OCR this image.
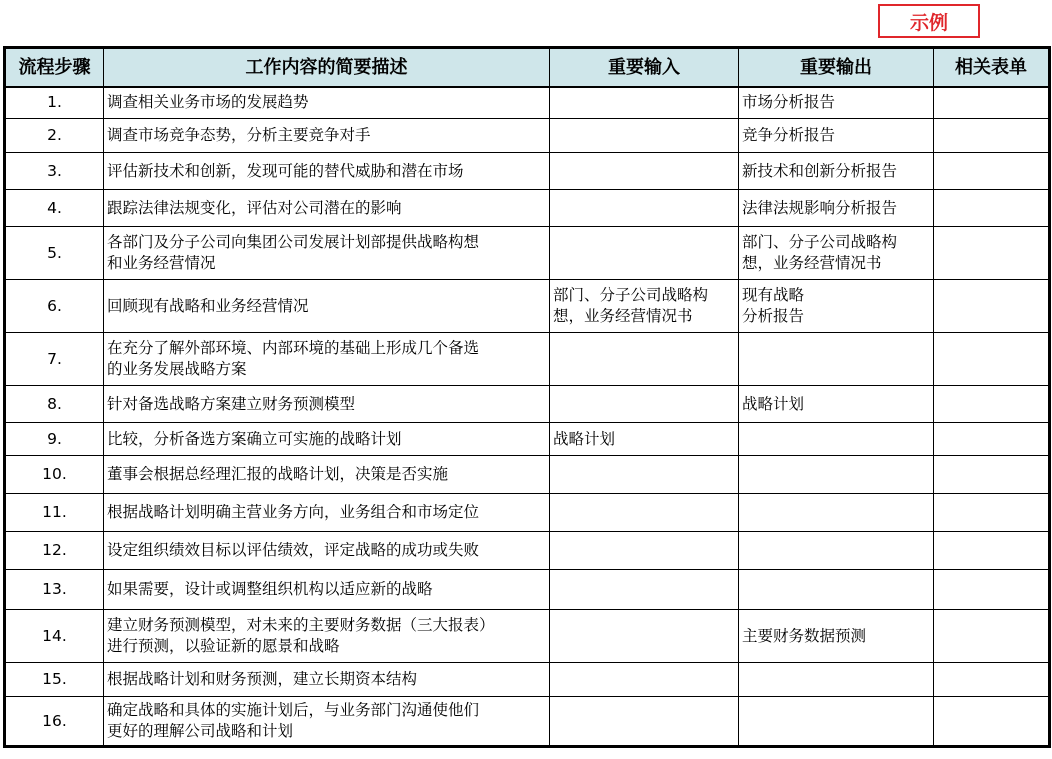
示例
流程步骤	工作内容的简要描述	重要输入	重要输出	相关表单
1.	调查相关业务市场的发展趋势		市场分析报告	
2.	调查市场竞争态势，分析主要竞争对手		竞争分析报告	
3.	评估新技术和创新，发现可能的替代威胁和潜在市场		新技术和创新分析报告	
4.	跟踪法律法规变化，评估对公司潜在的影响		法律法规影响分析报告	
5.	各部门及分子公司向集团公司发展计划部提供战略构想
和业务经营情况		部门、分子公司战略构
想，业务经营情况书	
6.	回顾现有战略和业务经营情况	部门、分子公司战略构
想，业务经营情况书	现有战略
分析报告	
7.	在充分了解外部环境、内部环境的基础上形成几个备选
的业务发展战略方案			
8.	针对备选战略方案建立财务预测模型		战略计划	
9.	比较，分析备选方案确立可实施的战略计划	战略计划		
10.	董事会根据总经理汇报的战略计划，决策是否实施			
11.	根据战略计划明确主营业务方向，业务组合和市场定位			
12.	设定组织绩效目标以评估绩效，评定战略的成功或失败			
13.	如果需要，设计或调整组织机构以适应新的战略			
14.	建立财务预测模型，对未来的主要财务数据（三大报表）
进行预测，以验证新的愿景和战略		主要财务数据预测	
15.	根据战略计划和财务预测，建立长期资本结构			
16.	确定战略和具体的实施计划后，与业务部门沟通使他们
更好的理解公司战略和计划			
